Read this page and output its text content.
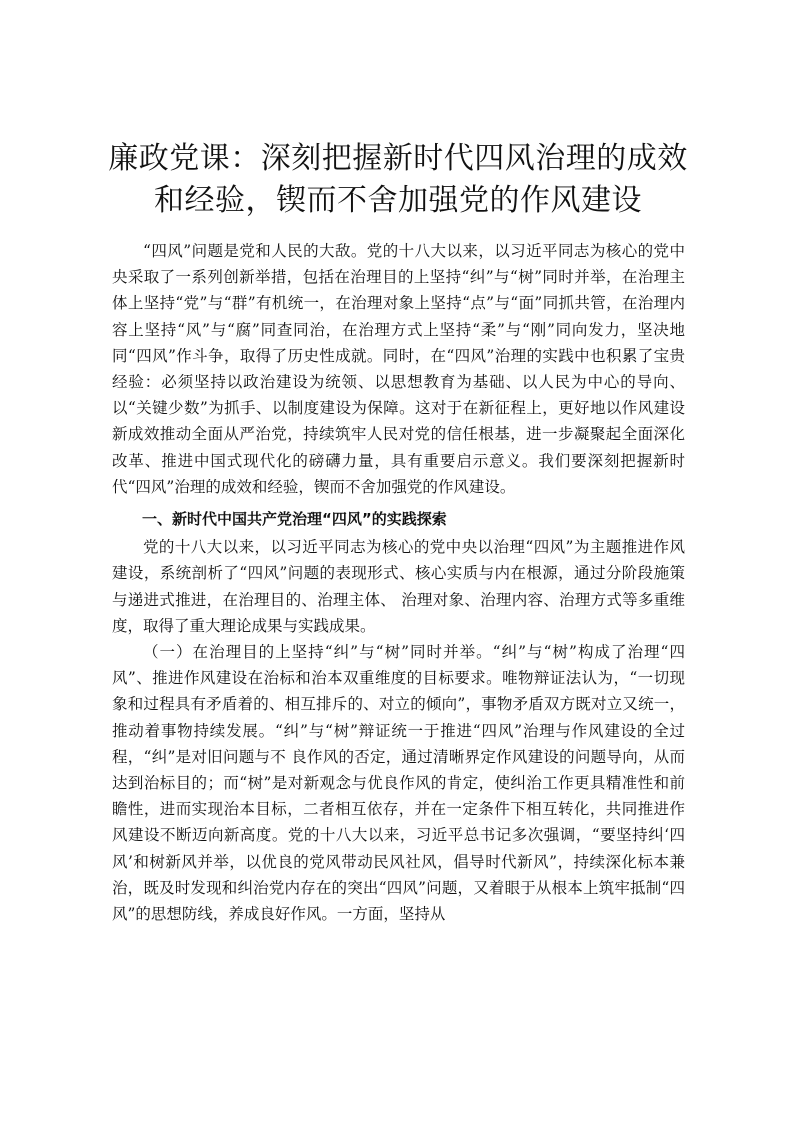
廉政党课：深刻把握新时代四风治理的成效和经验，锲而不舍加强党的作风建设

“四风”问题是党和人民的大敌。党的十八大以来，以习近平同志为核心的党中央采取了一系列创新举措，包括在治理目的上坚持“纠”与“树”同时并举，在治理主体上坚持“党”与“群”有机统一，在治理对象上坚持“点”与“面”同抓共管，在治理内容上坚持“风”与“腐”同查同治，在治理方式上坚持“柔”与“刚”同向发力，坚决地同“四风”作斗争，取得了历史性成就。同时，在“四风”治理的实践中也积累了宝贵经验：必须坚持以政治建设为统领、以思想教育为基础、以人民为中心的导向、以“关键少数”为抓手、以制度建设为保障。这对于在新征程上，更好地以作风建设新成效推动全面从严治党，持续筑牢人民对党的信任根基，进一步凝聚起全面深化改革、推进中国式现代化的磅礴力量，具有重要启示意义。我们要深刻把握新时代“四风”治理的成效和经验，锲而不舍加强党的作风建设。

一、新时代中国共产党治理“四风”的实践探索

党的十八大以来，以习近平同志为核心的党中央以治理“四风”为主题推进作风建设，系统剖析了“四风”问题的表现形式、核心实质与内在根源，通过分阶段施策与递进式推进，在治理目的、治理主体、 治理对象、治理内容、治理方式等多重维度，取得了重大理论成果与实践成果。

（一）在治理目的上坚持“纠”与“树”同时并举。“纠”与“树”构成了治理“四风”、推进作风建设在治标和治本双重维度的目标要求。唯物辩证法认为，“一切现象和过程具有矛盾着的、相互排斥的、对立的倾向”，事物矛盾双方既对立又统一，推动着事物持续发展。“纠”与“树”辩证统一于推进“四风”治理与作风建设的全过程，“纠”是对旧问题与不 良作风的否定，通过清晰界定作风建设的问题导向，从而达到治标目的；而“树”是对新观念与优良作风的肯定，使纠治工作更具精准性和前瞻性，进而实现治本目标，二者相互依存，并在一定条件下相互转化，共同推进作风建设不断迈向新高度。党的十八大以来，习近平总书记多次强调，“要坚持纠‘四风’和树新风并举，以优良的党风带动民风社风，倡导时代新风”，持续深化标本兼治，既及时发现和纠治党内存在的突出“四风”问题，又着眼于从根本上筑牢抵制“四风”的思想防线，养成良好作风。一方面，坚持从
